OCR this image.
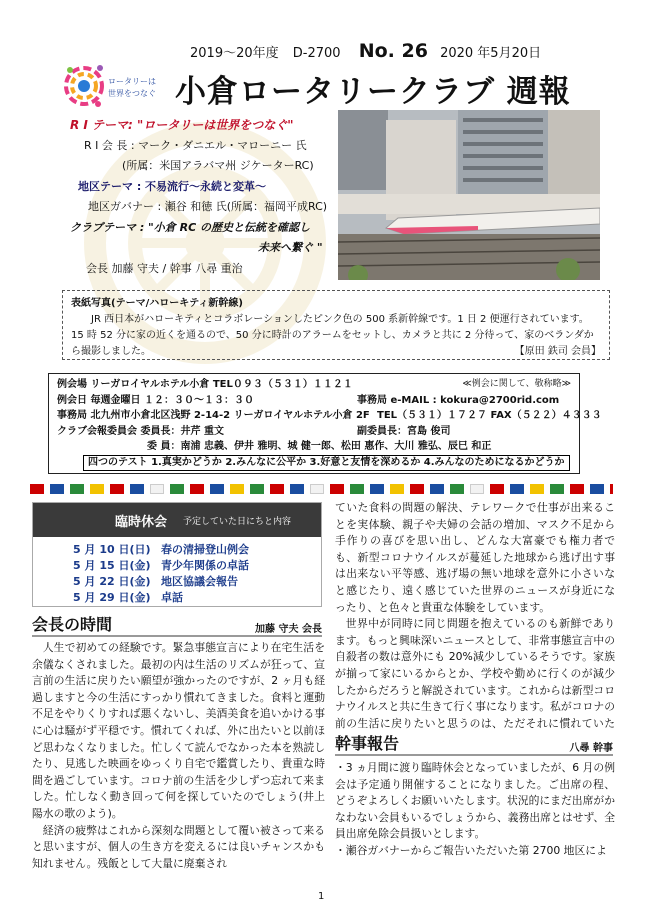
2019～20年度 D-2700 No. 26 2020 年5月20日
ロータリーは
世界をつなぐ 小倉ロータリークラブ 週報
R I テーマ: "ロータリーは世界をつなぐ"
R I 会 長 : マーク・ダニエル・マローニー 氏
(所属：米国アラバマ州 ジケーターRC)
地区テーマ : 不易流行～永続と変革～
地区ガバナー : 瀬谷 和徳 氏(所属：福岡平成RC)
クラブテーマ : "小倉 RC の歴史と伝統を確認し
未来へ繋ぐ "
会長 加藤 守夫 / 幹事 八尋 重治
表紙写真(テーマ/ハローキティ新幹線)
JR 西日本がハローキティとコラボレーションしたピンク色の 500 系新幹線です。1 日 2 便運行されています。15 時 52 分に家の近くを通るので、50 分に時計のアラームをセットし、カメラと共に 2 分待って、家のベランダから撮影しました。	【原田 鉄司 会員】
例会場 リーガロイヤルホテル小倉 TEL０９３（５３１）１１２１	≪例会に関して、敬称略≫
例会日 毎週金曜日 １２：３０～１３：３０	事務局 e-MAIL : kokura@2700rid.com
事務局 北九州市小倉北区浅野 2-14-2 リーガロイヤルホテル小倉 2F TEL（５３１）１７２７ FAX（５２２）４３３３
クラブ会報委員会 委員長：井芹 重文	副委員長：宮島 俊司
委 員：南浦 忠義、伊井 雅明、城 健一郎、松田 惠作、大川 雅弘、辰巳 和正
四つのテスト 1.真実かどうか 2.みんなに公平か 3.好意と友情を深めるか 4.みんなのためになるかどうか
臨時休会 予定していた日にちと内容
5 月 10 日(日) 春の清掃登山例会
5 月 15 日(金) 青少年関係の卓話
5 月 22 日(金) 地区協議会報告
5 月 29 日(金) 卓話
会長の時間	加藤 守夫 会長

人生で初めての経験です。緊急事態宣言により在宅生活を余儀なくされました。最初の内は生活のリズムが狂って、宣言前の生活に戻りたい願望が強かったのですが、2 ヶ月も経過しますと今の生活にすっかり慣れてきました。食料と運動不足をやりくりすれば悪くないし、美酒美食を追いかける事に心は騒がず平穏です。慣れてくれば、外に出たいと以前ほど思わなくなりました。忙しくて読んでなかった本を熟読したり、見逃した映画をゆっくり自宅で鑑賞したり、貴重な時間を過ごしています。コロナ前の生活を少しずつ忘れて来ました。忙しなく動き回って何を探していたのでしょう(井上陽水の歌のよう)。

経済の疲弊はこれから深刻な問題として覆い被さって来ると思いますが、個人の生き方を変えるには良いチャンスかも知れません。残飯として大量に廃棄され

ていた食料の問題の解決、テレワークで仕事が出来ることを実体験、親子や夫婦の会話の増加、マスク不足から手作りの喜びを思い出し、どんな大富豪でも権力者でも、新型コロナウイルスが蔓延した地球から逃げ出す事は出来ない平等感、逃げ場の無い地球を意外に小さいなと感じたり、遠く感じていた世界のニュースが身近になったり、と色々と貴重な体験をしています。

世界中が同時に同じ問題を抱えているのも新鮮であります。もっと興味深いニュースとして、非常事態宣言中の自殺者の数は意外にも 20%減少しているそうです。家族が揃って家にいるからとか、学校や勤めに行くのが減少したからだろうと解説されています。これからは新型コロナウイルスと共に生きて行く事になります。私がコロナの前の生活に戻りたいと思うのは、ただそれに慣れていた

幹事報告	八尋 幹事

・3 ヵ月間に渡り臨時休会となっていましたが、6 月の例会は予定通り開催することになりました。ご出席の程、どうぞよろしくお願いいたします。状況的にまだ出席がかなわない会員もいるでしょうから、義務出席とはせず、全員出席免除会員扱いとします。

・瀬谷ガバナーからご報告いただいた第 2700 地区によ

1
